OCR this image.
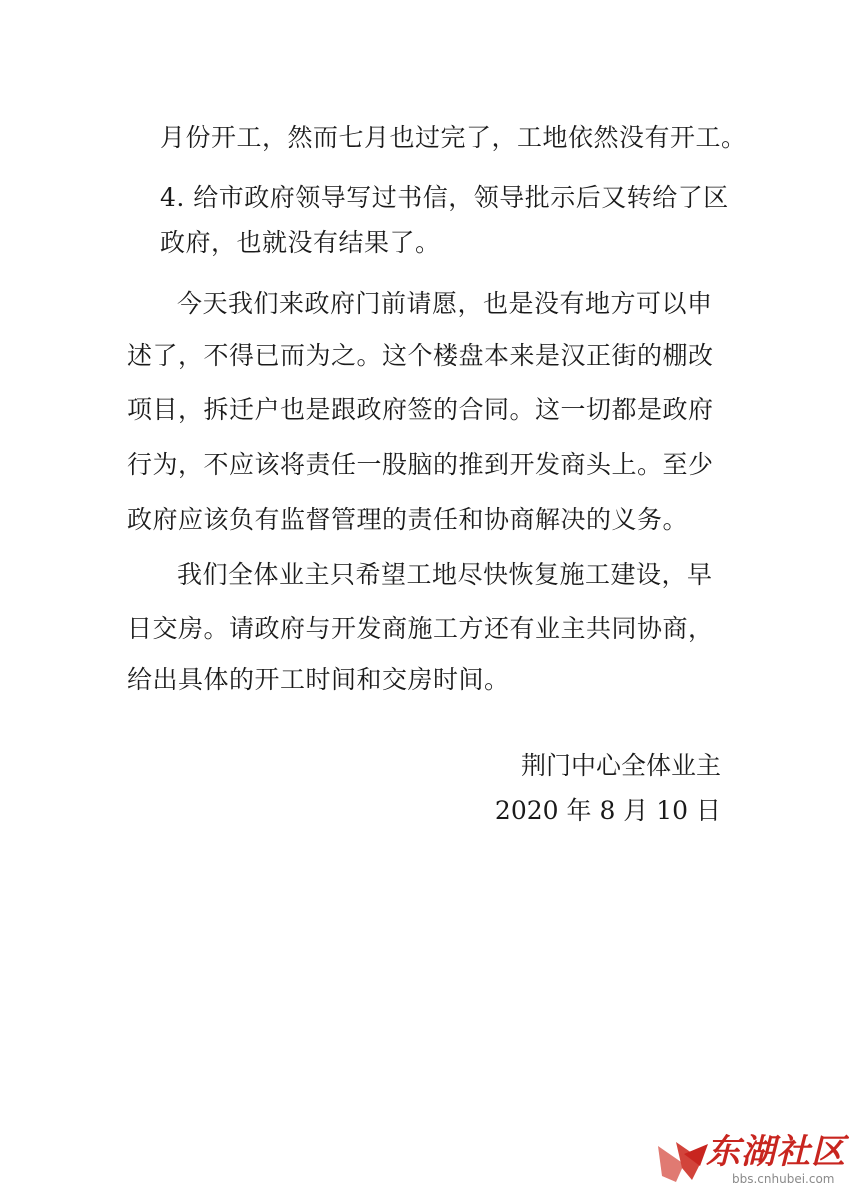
月份开工，然而七月也过完了，工地依然没有开工。
4. 给市政府领导写过书信，领导批示后又转给了区
政府，也就没有结果了。
今天我们来政府门前请愿，也是没有地方可以申
述了，不得已而为之。这个楼盘本来是汉正街的棚改
项目，拆迁户也是跟政府签的合同。这一切都是政府
行为，不应该将责任一股脑的推到开发商头上。至少
政府应该负有监督管理的责任和协商解决的义务。
我们全体业主只希望工地尽快恢复施工建设，早
日交房。请政府与开发商施工方还有业主共同协商，
给出具体的开工时间和交房时间。
荆门中心全体业主
2020 年 8 月 10 日
东湖社区
bbs.cnhubei.com
